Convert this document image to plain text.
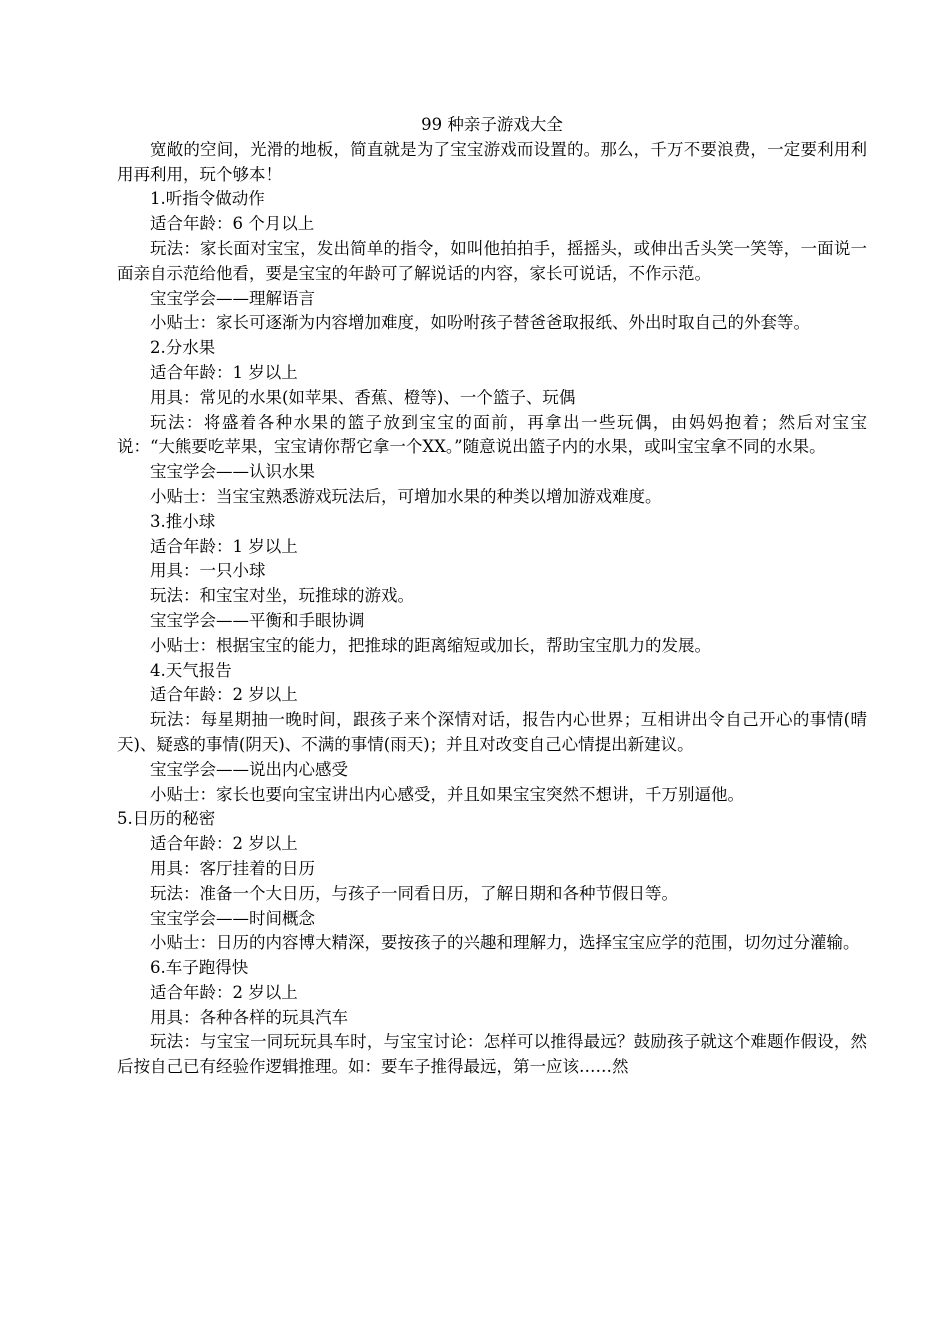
99 种亲子游戏大全

宽敞的空间，光滑的地板，简直就是为了宝宝游戏而设置的。那么，千万不要浪费，一定要利用利用再利用，玩个够本！

1.听指令做动作

适合年龄：6 个月以上

玩法：家长面对宝宝，发出简单的指令，如叫他拍拍手，摇摇头，或伸出舌头笑一笑等，一面说一面亲自示范给他看，要是宝宝的年龄可了解说话的内容，家长可说话，不作示范。

宝宝学会——理解语言

小贴士：家长可逐渐为内容增加难度，如吩咐孩子替爸爸取报纸、外出时取自己的外套等。

2.分水果

适合年龄：1 岁以上

用具：常见的水果(如苹果、香蕉、橙等)、一个篮子、玩偶

玩法：将盛着各种水果的篮子放到宝宝的面前，再拿出一些玩偶，由妈妈抱着；然后对宝宝说：“大熊要吃苹果，宝宝请你帮它拿一个XX。”随意说出篮子内的水果，或叫宝宝拿不同的水果。

宝宝学会——认识水果

小贴士：当宝宝熟悉游戏玩法后，可增加水果的种类以增加游戏难度。

3.推小球

适合年龄：1 岁以上

用具：一只小球

玩法：和宝宝对坐，玩推球的游戏。

宝宝学会——平衡和手眼协调

小贴士：根据宝宝的能力，把推球的距离缩短或加长，帮助宝宝肌力的发展。

4.天气报告

适合年龄：2 岁以上

玩法：每星期抽一晚时间，跟孩子来个深情对话，报告内心世界；互相讲出令自己开心的事情(晴天)、疑惑的事情(阴天)、不满的事情(雨天)；并且对改变自己心情提出新建议。

宝宝学会——说出内心感受

小贴士：家长也要向宝宝讲出内心感受，并且如果宝宝突然不想讲，千万别逼他。

5.日历的秘密

适合年龄：2 岁以上

用具：客厅挂着的日历

玩法：准备一个大日历，与孩子一同看日历，了解日期和各种节假日等。

宝宝学会——时间概念

小贴士：日历的内容博大精深，要按孩子的兴趣和理解力，选择宝宝应学的范围，切勿过分灌输。

6.车子跑得快

适合年龄：2 岁以上

用具：各种各样的玩具汽车

玩法：与宝宝一同玩玩具车时，与宝宝讨论：怎样可以推得最远？鼓励孩子就这个难题作假设，然后按自己已有经验作逻辑推理。如：要车子推得最远，第一应该……然
